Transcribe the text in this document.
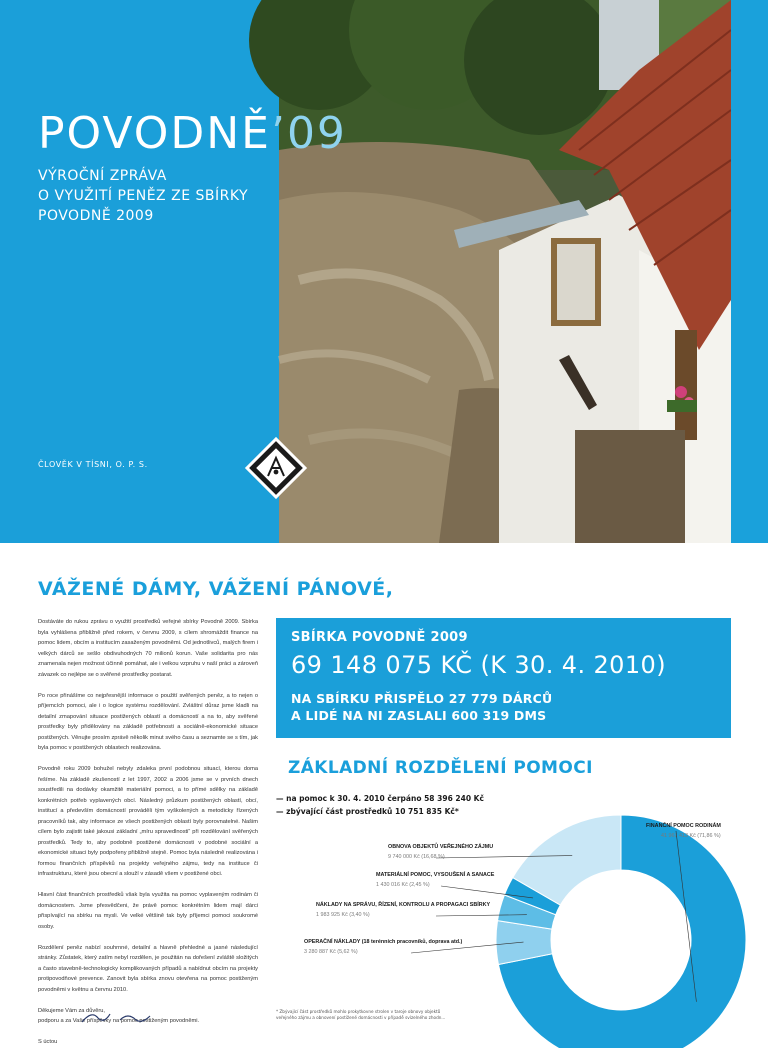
POVODNĚ’09
VÝROČNÍ ZPRÁVA
O VYUŽITÍ PENĚZ ZE SBÍRKY
POVODNĚ 2009
ČLOVĚK V TÍSNI, O. P. S.
VÁŽENÉ DÁMY, VÁŽENÍ PÁNOVÉ,

Dostáváte do rukou zprávu o využití prostředků veřejné sbírky Povodně 2009. Sbírka byla vyhlášena přibližně před rokem, v červnu 2009, s cílem shromáždit finance na pomoc lidem, obcím a institucím zasaženým povodněmi. Od jednotlivců, malých firem i velkých dárců se sešlo obdivuhodných 70 milionů korun. Vaše solidarita pro nás znamenala nejen možnost účinně pomáhat, ale i velkou vzpruhu v naší práci a zároveň závazek co nejlépe se o svěřené prostředky postarat.

Po roce přinášíme co nejpřesnější informace o použití svěřených peněz, a to nejen o příjemcích pomoci, ale i o logice systému rozdělování. Zvláštní důraz jsme kladli na detailní zmapování situace postižených oblastí a domácností a na to, aby svěřené prostředky byly přidělovány na základě potřebnosti a sociálně-ekonomické situace postižených. Věnujte prosím zprávě několik minut svého času a seznamte se s tím, jak byla pomoc v postižených oblastech realizována.

Povodně roku 2009 bohužel nebyly zdaleka první podobnou situací, kterou doma řešíme. Na základě zkušeností z let 1997, 2002 a 2006 jsme se v prvních dnech soustředili na dodávky okamžitě materiální pomoci, a to přímé sdělky na základě konkrétních potřeb vyplavených obcí. Následný průzkum postižených oblastí, obcí, institucí a především domácností prováděli tým vyškolených a metodicky řízených pracovníků tak, aby informace ze všech postižených oblastí byly porovnatelné. Našim cílem bylo zajistit také jakousi základní „míru spravedlnosti“ při rozdělování svěřených prostředků. Tedy to, aby podobně postižené domácnosti v podobné sociální a ekonomické situaci byly podpořeny přibližně stejně. Pomoc byla následně realizována i formou finančních příspěvků na projekty veřejného zájmu, tedy na instituce či infrastrukturu, které jsou obecní a slouží v zásadě všem v postižené obci.

Hlavní část finančních prostředků však byla využita na pomoc vyplaveným rodinám či domácnostem. Jsme přesvědčeni, že právě pomoc konkrétním lidem mají dárci přispívající na sbírku na mysli. Ve velké většině tak byly příjemci pomoci soukromé osoby.

Rozdělení peněz nabízí souhrnné, detailní a hlavně přehledné a jasné následující stránky. Zůstatek, který zatím nebyl rozdělen, je použitán na dořešení zvláště složitých a často stavebně-technologicky komplikovaných případů a nabídnut obcím na projekty protipovodňové prevence. Zanovit byla sbírka znovu otevřena na pomoc postiženým povodněmi v květnu a červnu 2010.

Děkujeme Vám za důvěru,

podporu a za Vaše příspěvky na pomoc postiženým povodněmi.

S úctou

SBÍRKA POVODNĚ 2009
69 148 075 KČ (K 30. 4. 2010)
NA SBÍRKU PŘISPĚLO 27 779 DÁRCŮ
A LIDÉ NA NI ZASLALI 600 319 DMS
ZÁKLADNÍ ROZDĚLENÍ POMOCI
— na pomoc k 30. 4. 2010 čerpáno 58 396 240 Kč
— zbývající část prostředků 10 751 835 Kč*
FINANČNÍ POMOC RODINÁM
41 961 413 Kč (71,86 %)
OBNOVA OBJEKTŮ VEŘEJNÉHO ZÁJMU
9 740 000 Kč (16,68 %)
MATERIÁLNÍ POMOC, VYSOUŠENÍ A SANACE
1 430 016 Kč (2,45 %)
NÁKLADY NA SPRÁVU, ŘÍZENÍ, KONTROLU A PROPAGACI SBÍRKY
1 983 925 Kč (3,40 %)
OPERAČNÍ NÁKLADY (18 terénních pracovníků, doprava atd.)
3 280 887 Kč (5,62 %)
* Zbývající část prostředků mohlo prokytkovne strolen v taroje obnovy objektů veřejného zájmu a obnovení postižené domácnosti v případě svízelného zhodn...
